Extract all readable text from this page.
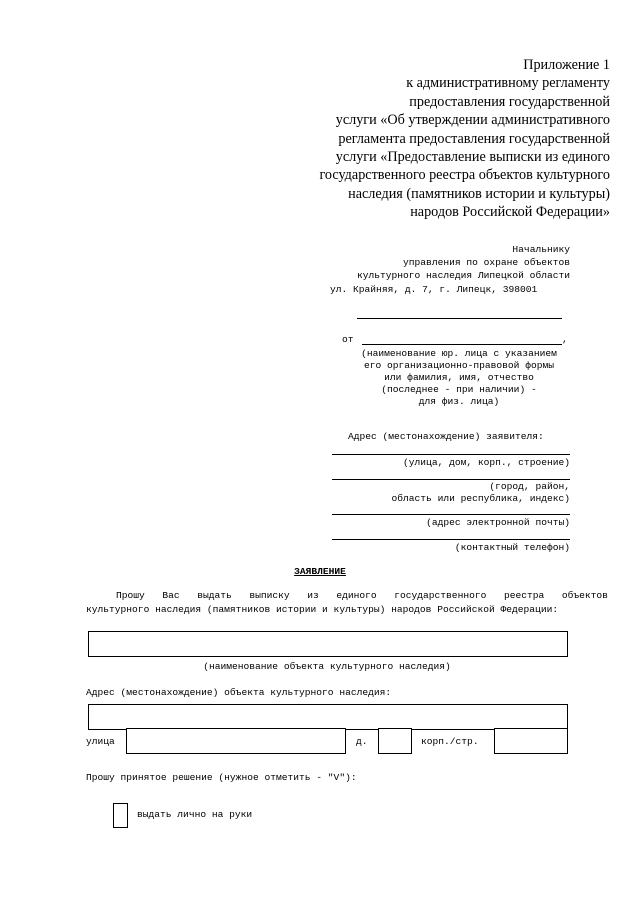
Приложение 1
к административному регламенту
предоставления государственной
услуги «Об утверждении административного
регламента предоставления государственной
услуги «Предоставление выписки из единого
государственного реестра объектов культурного
наследия (памятников истории и культуры)
народов Российской Федерации»
Начальнику
управления по охране объектов
культурного наследия Липецкой области
ул. Крайняя, д. 7, г. Липецк, 398001
от	,
(наименование юр. лица с указанием
его организационно-правовой формы
или фамилия, имя, отчество
(последнее - при наличии) -
для физ. лица)
Адрес (местонахождение) заявителя:
(улица, дом, корп., строение)
(город, район,
область или республика, индекс)
(адрес электронной почты)
(контактный телефон)
ЗАЯВЛЕНИЕ
Прошу Вас выдать выписку из единого государственного реестра объектов
культурного наследия (памятников истории и культуры) народов Российской Федерации:
(наименование объекта культурного наследия)
Адрес (местонахождение) объекта культурного наследия:
улица	д.	корп./стр.
Прошу принятое решение (нужное отметить - "V"):
выдать лично на руки
